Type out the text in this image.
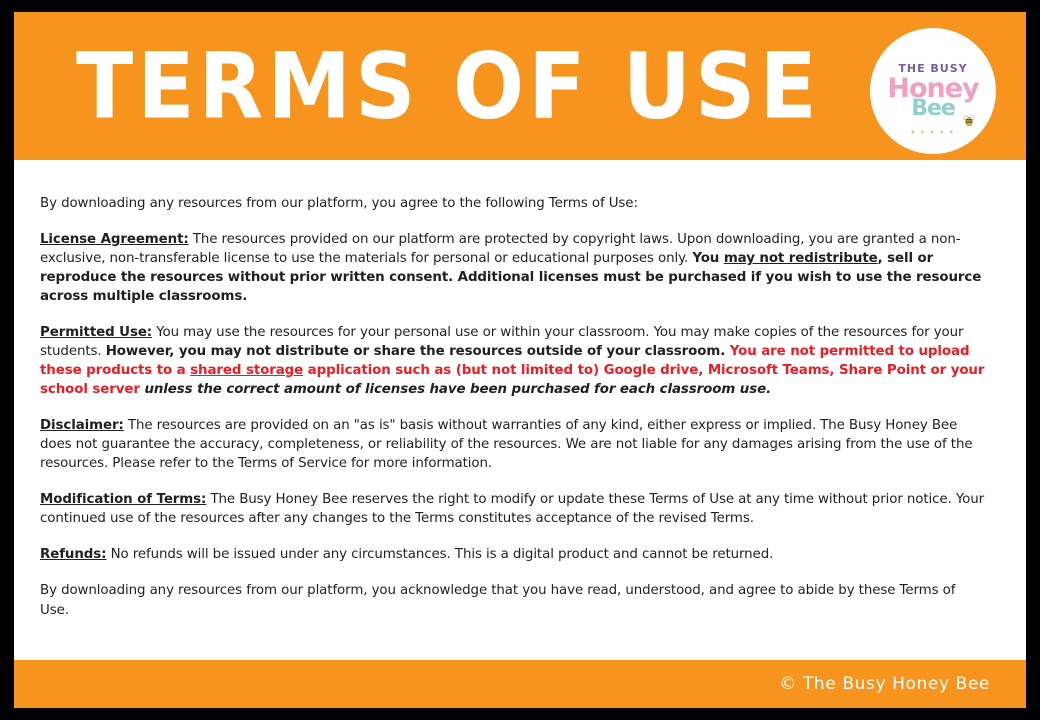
TERMS OF USE	THE BUSY
Honey
Bee
• • • • •

By downloading any resources from our platform, you agree to the following Terms of Use:

License Agreement: The resources provided on our platform are protected by copyright laws. Upon downloading, you are granted a non-exclusive, non-transferable license to use the materials for personal or educational purposes only. You may not redistribute, sell or reproduce the resources without prior written consent. Additional licenses must be purchased if you wish to use the resource across multiple classrooms.

Permitted Use: You may use the resources for your personal use or within your classroom. You may make copies of the resources for your students. However, you may not distribute or share the resources outside of your classroom. You are not permitted to upload these products to a shared storage application such as (but not limited to) Google drive, Microsoft Teams, Share Point or your school server unless the correct amount of licenses have been purchased for each classroom use.

Disclaimer: The resources are provided on an "as is" basis without warranties of any kind, either express or implied. The Busy Honey Bee does not guarantee the accuracy, completeness, or reliability of the resources. We are not liable for any damages arising from the use of the resources. Please refer to the Terms of Service for more information.

Modification of Terms: The Busy Honey Bee reserves the right to modify or update these Terms of Use at any time without prior notice. Your continued use of the resources after any changes to the Terms constitutes acceptance of the revised Terms.

Refunds: No refunds will be issued under any circumstances. This is a digital product and cannot be returned.

By downloading any resources from our platform, you acknowledge that you have read, understood, and agree to abide by these Terms of Use.

© The Busy Honey Bee
